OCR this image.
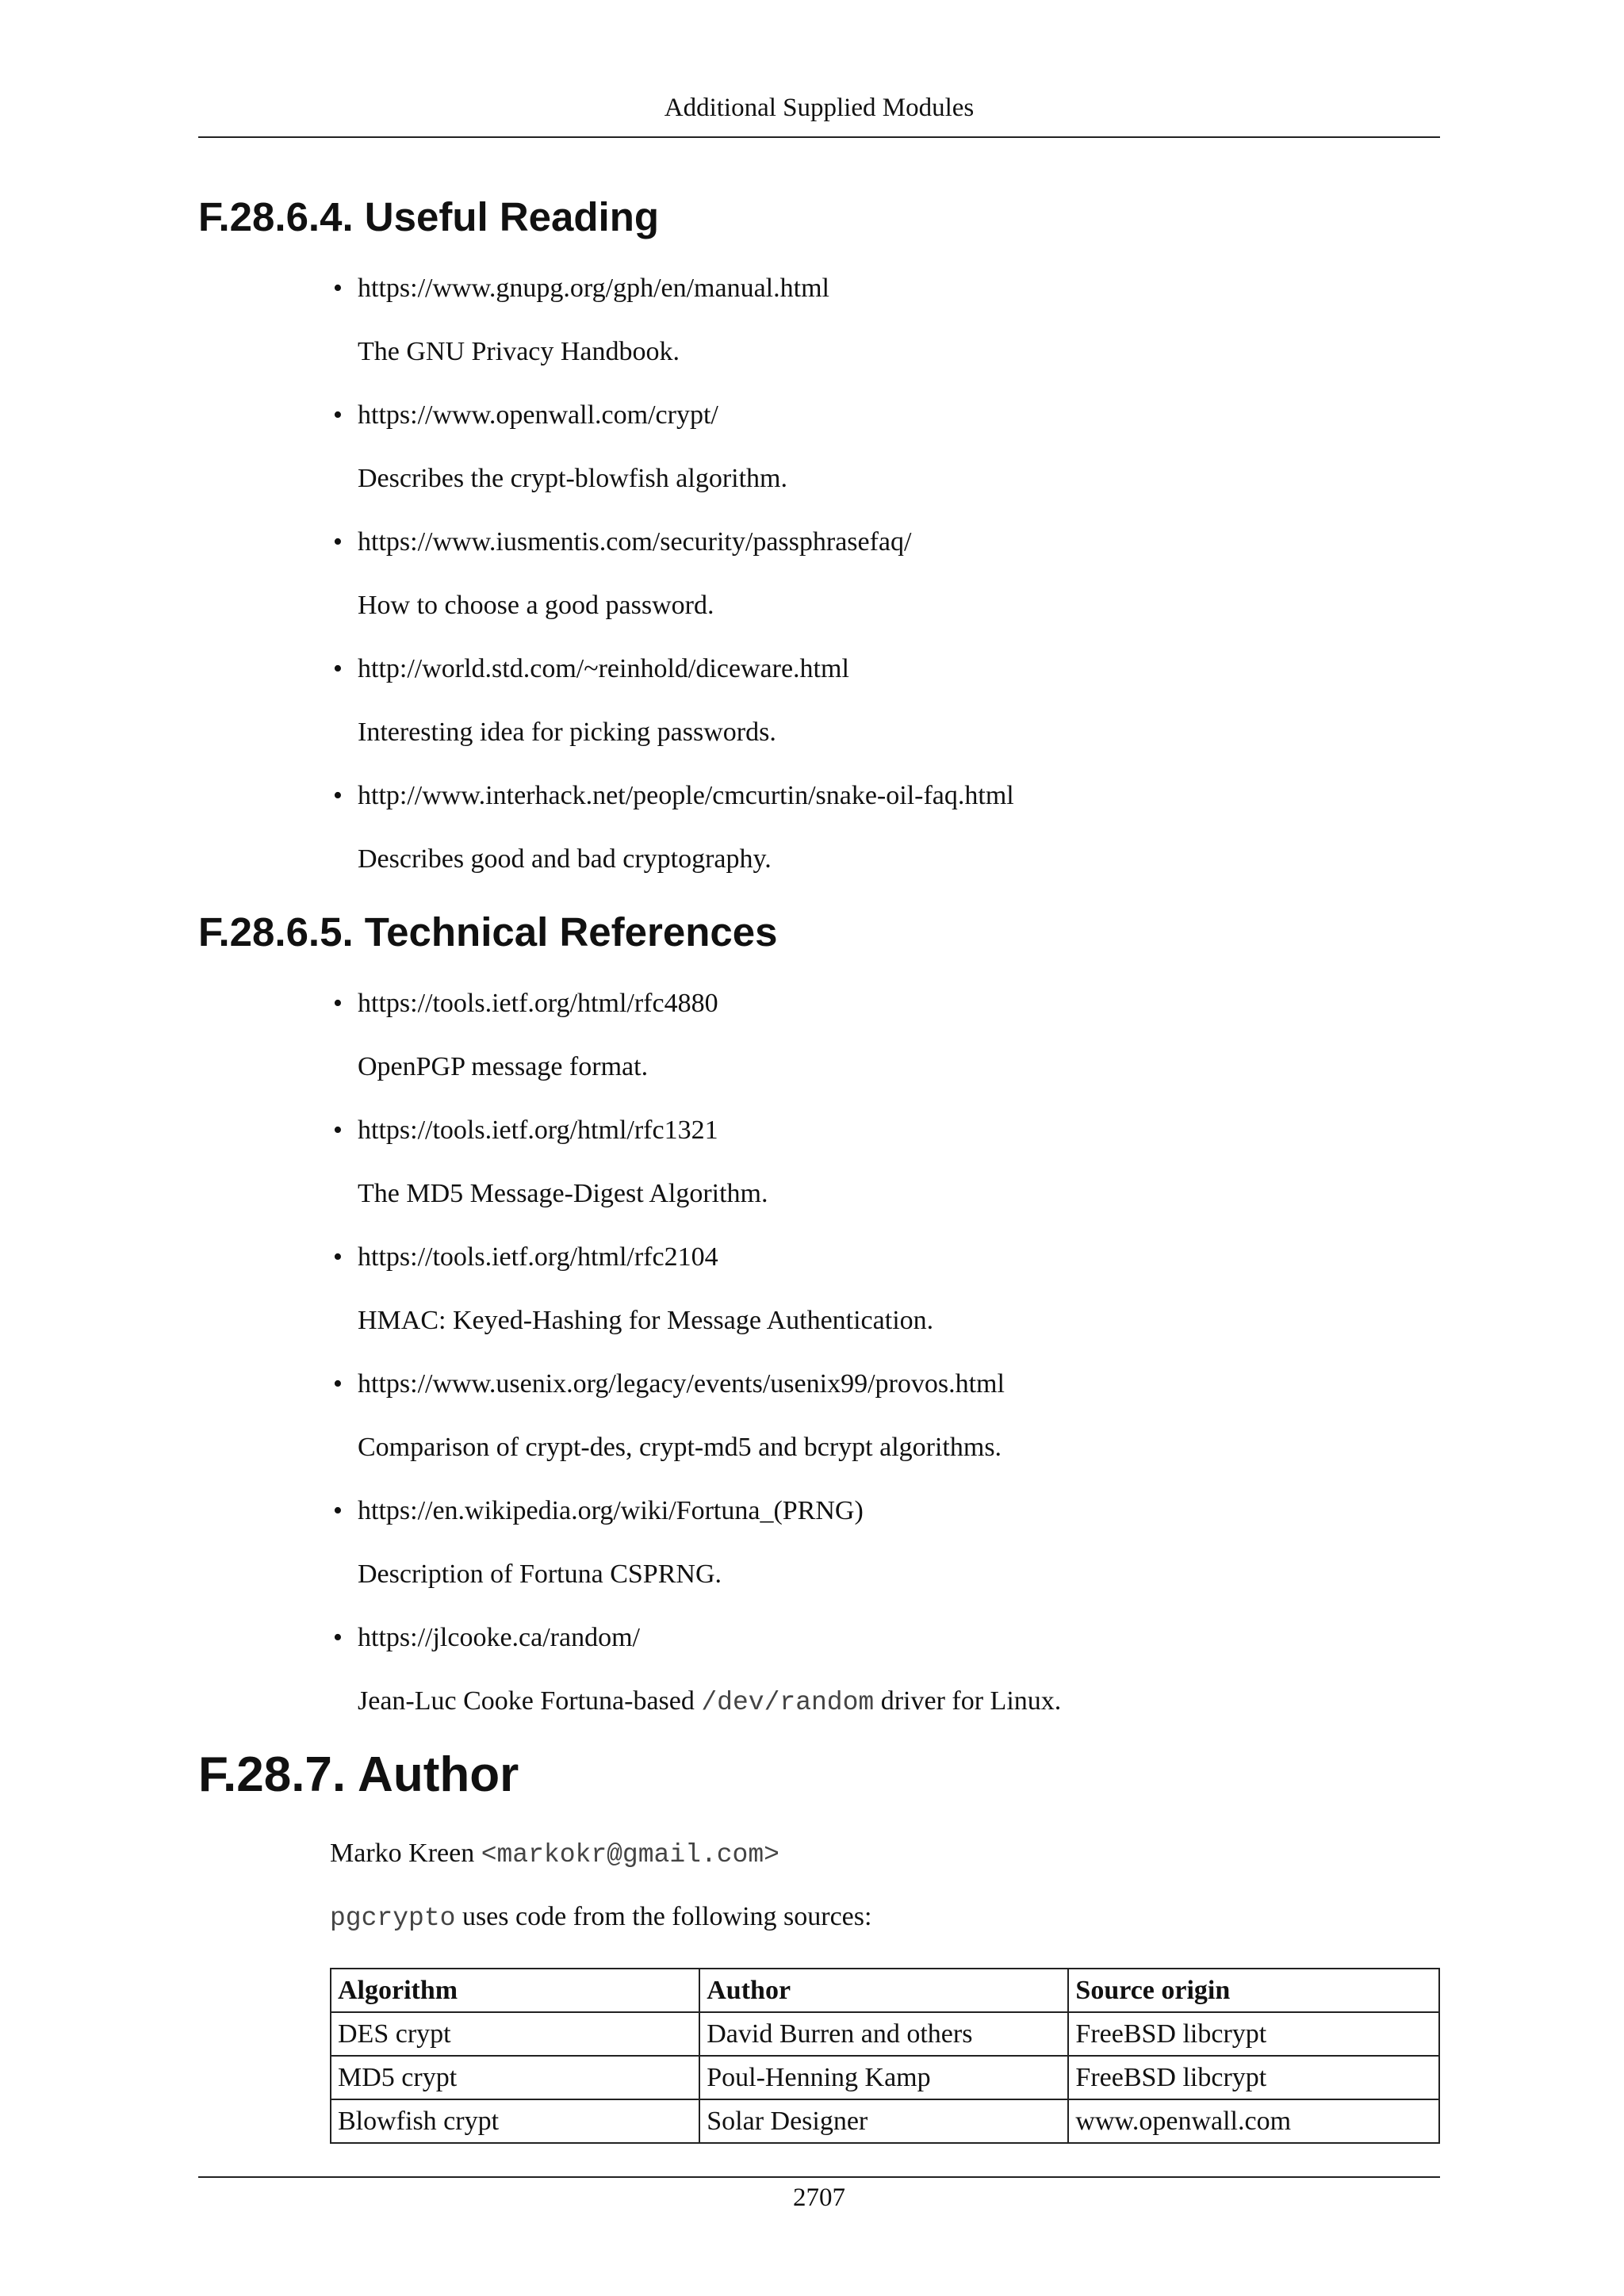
Additional Supplied Modules
F.28.6.4. Useful Reading
• https://www.gnupg.org/gph/en/manual.html
The GNU Privacy Handbook.
• https://www.openwall.com/crypt/
Describes the crypt-blowfish algorithm.
• https://www.iusmentis.com/security/passphrasefaq/
How to choose a good password.
• http://world.std.com/~reinhold/diceware.html
Interesting idea for picking passwords.
• http://www.interhack.net/people/cmcurtin/snake-oil-faq.html
Describes good and bad cryptography.
F.28.6.5. Technical References
• https://tools.ietf.org/html/rfc4880
OpenPGP message format.
• https://tools.ietf.org/html/rfc1321
The MD5 Message-Digest Algorithm.
• https://tools.ietf.org/html/rfc2104
HMAC: Keyed-Hashing for Message Authentication.
• https://www.usenix.org/legacy/events/usenix99/provos.html
Comparison of crypt-des, crypt-md5 and bcrypt algorithms.
• https://en.wikipedia.org/wiki/Fortuna_(PRNG)
Description of Fortuna CSPRNG.
• https://jlcooke.ca/random/
Jean-Luc Cooke Fortuna-based /dev/random driver for Linux.
F.28.7. Author

Marko Kreen <markokr@gmail.com>

pgcrypto uses code from the following sources:

Algorithm	Author	Source origin
DES crypt	David Burren and others	FreeBSD libcrypt
MD5 crypt	Poul-Henning Kamp	FreeBSD libcrypt
Blowfish crypt	Solar Designer	www.openwall.com
2707
